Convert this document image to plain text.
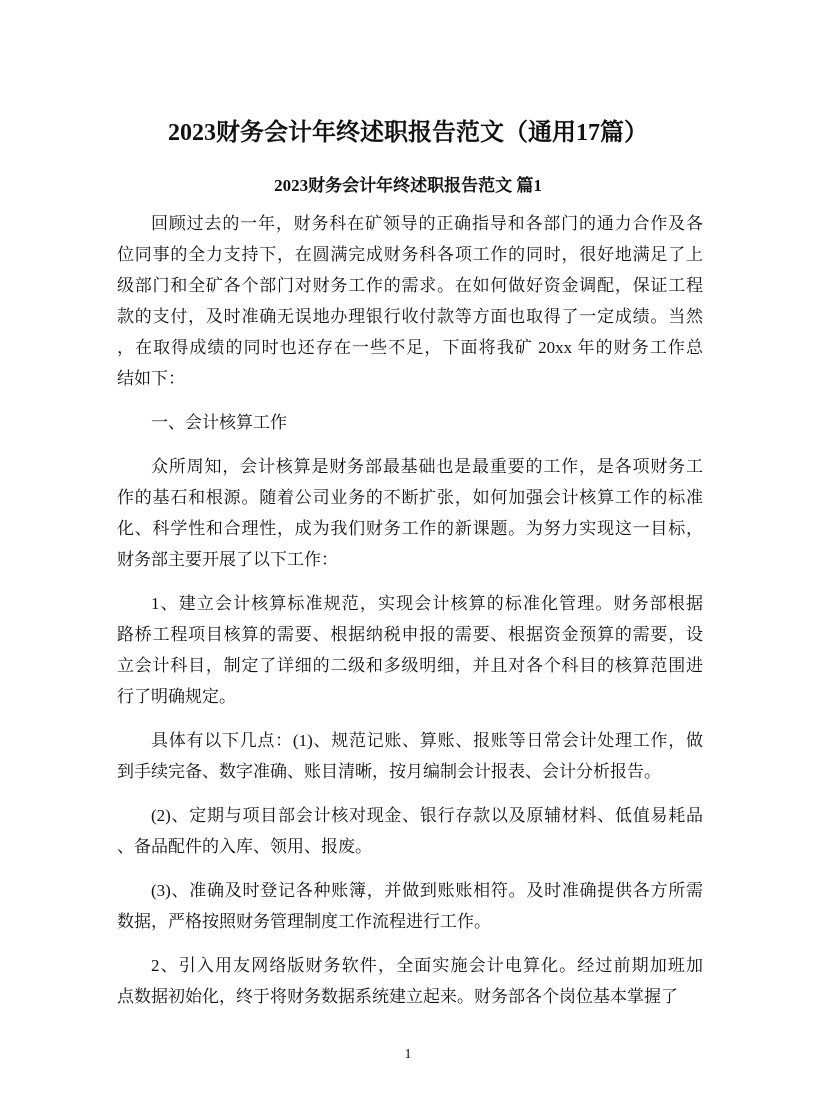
2023财务会计年终述职报告范文（通用17篇）
2023财务会计年终述职报告范文 篇1
回顾过去的一年，财务科在矿领导的正确指导和各部门的通力合作及各
位同事的全力支持下，在圆满完成财务科各项工作的同时，很好地满足了上
级部门和全矿各个部门对财务工作的需求。在如何做好资金调配，保证工程
款的支付，及时准确无误地办理银行收付款等方面也取得了一定成绩。当然
，在取得成绩的同时也还存在一些不足，下面将我矿 20xx 年的财务工作总
结如下：
一、会计核算工作
众所周知，会计核算是财务部最基础也是最重要的工作，是各项财务工
作的基石和根源。随着公司业务的不断扩张，如何加强会计核算工作的标准
化、科学性和合理性，成为我们财务工作的新课题。为努力实现这一目标，
财务部主要开展了以下工作：
1、建立会计核算标准规范，实现会计核算的标准化管理。财务部根据
路桥工程项目核算的需要、根据纳税申报的需要、根据资金预算的需要，设
立会计科目，制定了详细的二级和多级明细，并且对各个科目的核算范围进
行了明确规定。
具体有以下几点：(1)、规范记账、算账、报账等日常会计处理工作，做
到手续完备、数字准确、账目清晰，按月编制会计报表、会计分析报告。
(2)、定期与项目部会计核对现金、银行存款以及原辅材料、低值易耗品
、备品配件的入库、领用、报废。
(3)、准确及时登记各种账簿，并做到账账相符。及时准确提供各方所需
数据，严格按照财务管理制度工作流程进行工作。
2、引入用友网络版财务软件，全面实施会计电算化。经过前期加班加
点数据初始化，终于将财务数据系统建立起来。财务部各个岗位基本掌握了
1
